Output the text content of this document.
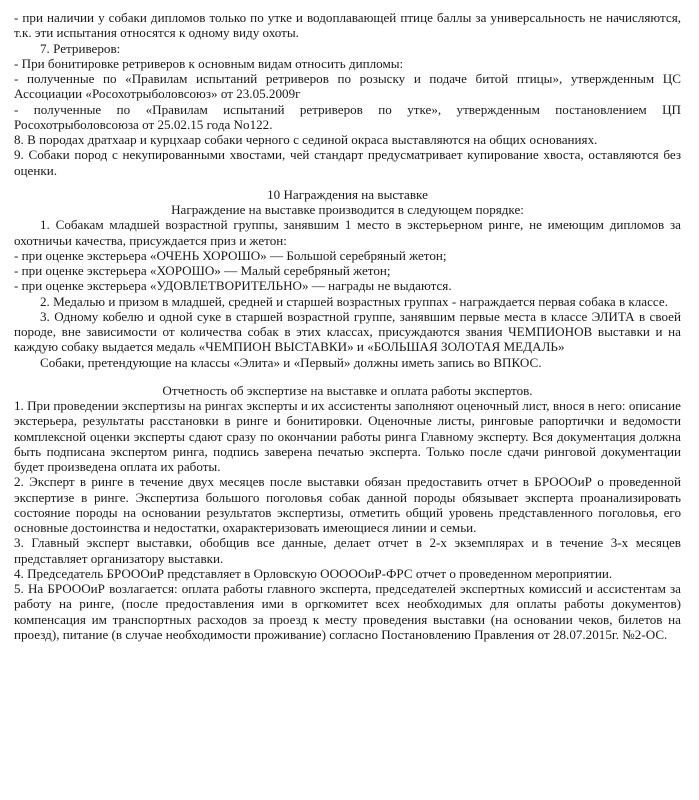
- при наличии у собаки дипломов только по утке и водоплавающей птице баллы за универсальность не начисляются, т.к. эти испытания относятся к одному виду охоты.

7. Ретриверов:

- При бонитировке ретриверов к основным видам относить дипломы:

- полученные по «Правилам испытаний ретриверов по розыску и подаче битой птицы», утвержденным ЦС Ассоциации «Росохотрыболовсоюз» от 23.05.2009г

- полученные по «Правилам испытаний ретриверов по утке», утвержденным постановлением ЦП Росохотрыболовсоюза от 25.02.15 года No122.

8. В породах дратхаар и курцхаар собаки черного с сединой окраса выставляются на общих основаниях.

9. Собаки пород с некупированными хвостами, чей стандарт предусматривает купирование хвоста, оставляются без оценки.

10 Награждения на выставке

Награждение на выставке производится в следующем порядке:

1. Собакам младшей возрастной группы, занявшим 1 место в экстерьерном ринге, не имеющим дипломов за охотничьи качества, присуждается приз и жетон:

- при оценке экстерьера «ОЧЕНЬ ХОРОШО» — Большой серебряный жетон;

- при оценке экстерьера «ХОРОШО» — Малый серебряный жетон;

- при оценке экстерьера «УДОВЛЕТВОРИТЕЛЬНО» — награды не выдаются.

2. Медалью и призом в младшей, средней и старшей возрастных группах - награждается первая собака в классе.

3. Одному кобелю и одной суке в старшей возрастной группе, занявшим первые места в классе ЭЛИТА в своей породе, вне зависимости от количества собак в этих классах, присуждаются звания ЧЕМПИОНОВ выставки и на каждую собаку выдается медаль «ЧЕМПИОН ВЫСТАВКИ» и «БОЛЬШАЯ ЗОЛОТАЯ МЕДАЛЬ»

Собаки, претендующие на классы «Элита» и «Первый» должны иметь запись во ВПКОС.

Отчетность об экспертизе на выставке и оплата работы экспертов.

1. При проведении экспертизы на рингах эксперты и их ассистенты заполняют оценочный лист, внося в него: описание экстерьера, результаты расстановки в ринге и бонитировки. Оценочные листы, ринговые рапортички и ведомости комплексной оценки эксперты сдают сразу по окончании работы ринга Главному эксперту. Вся документация должна быть подписана экспертом ринга, подпись заверена печатью эксперта. Только после сдачи ринговой документации будет произведена оплата их работы.

2. Эксперт в ринге в течение двух месяцев после выставки обязан предоставить отчет в БРОООиР о проведенной экспертизе в ринге. Экспертиза большого поголовья собак данной породы обязывает эксперта проанализировать состояние породы на основании результатов экспертизы, отметить общий уровень представленного поголовья, его основные достоинства и недостатки, охарактеризовать имеющиеся линии и семьи.

3. Главный эксперт выставки, обобщив все данные, делает отчет в 2-х экземплярах и в течение 3-х месяцев представляет организатору выставки.

4. Председатель БРОООиР представляет в Орловскую ОООООиР-ФРС отчет о проведенном мероприятии.

5. На БРОООиР возлагается: оплата работы главного эксперта, председателей экспертных комиссий и ассистентам за работу на ринге, (после предоставления ими в оргкомитет всех необходимых для оплаты работы документов) компенсация им транспортных расходов за проезд к месту проведения выставки (на основании чеков, билетов на проезд), питание (в случае необходимости проживание) согласно Постановлению Правления от 28.07.2015г. №2-ОС.
